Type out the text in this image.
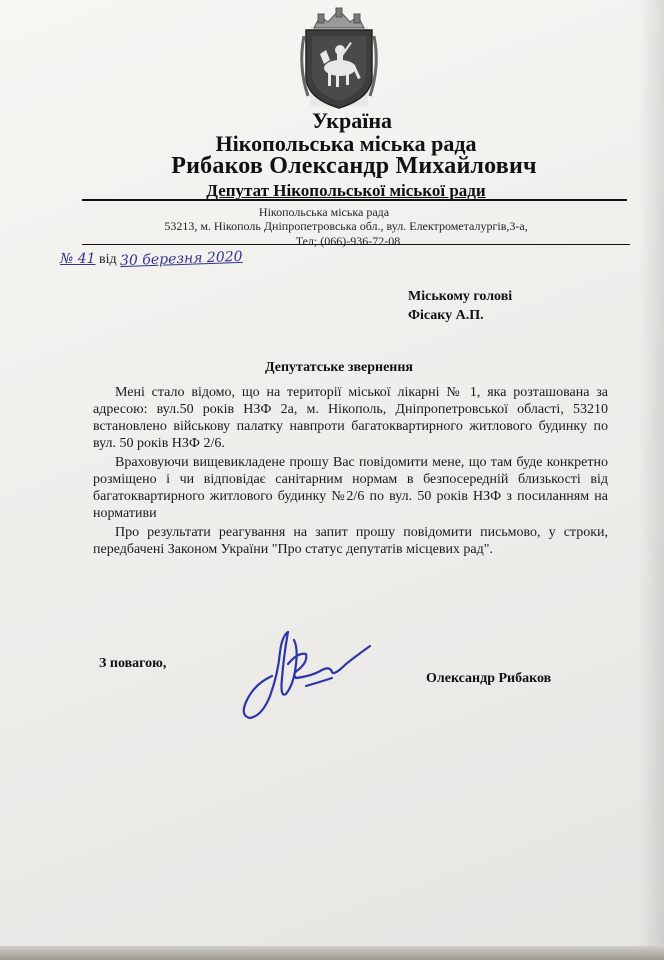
Україна
Нікопольська міська рада
Рибаков Олександр Михайлович
Депутат Нікопольської міської ради
Нікопольська міська рада
53213, м. Нікополь Дніпропетровська обл., вул. Електрометалургів,3-а,
Тел; (066)-936-72-08
№ 41 від 30 березня 2020
Міському голові
Фісаку А.П.
Депутатське звернення

Мені стало відомо, що на території міської лікарні № 1, яка розташована за адресою: вул.50 років НЗФ 2а, м. Нікополь, Дніпропетровської області, 53210 встановлено військову палатку навпроти багатоквартирного житлового будинку по вул. 50 років НЗФ 2/6.

Враховуючи вищевикладене прошу Вас повідомити мене, що там буде конкретно розміщено і чи відповідає санітарним нормам в безпосередній близькості від багатоквартирного житлового будинку №2/6 по вул. 50 років НЗФ з посиланням на нормативи

Про результати реагування на запит прошу повідомити письмово, у строки, передбачені Законом України "Про статус депутатів місцевих рад".

З повагою,
Олександр Рибаков
